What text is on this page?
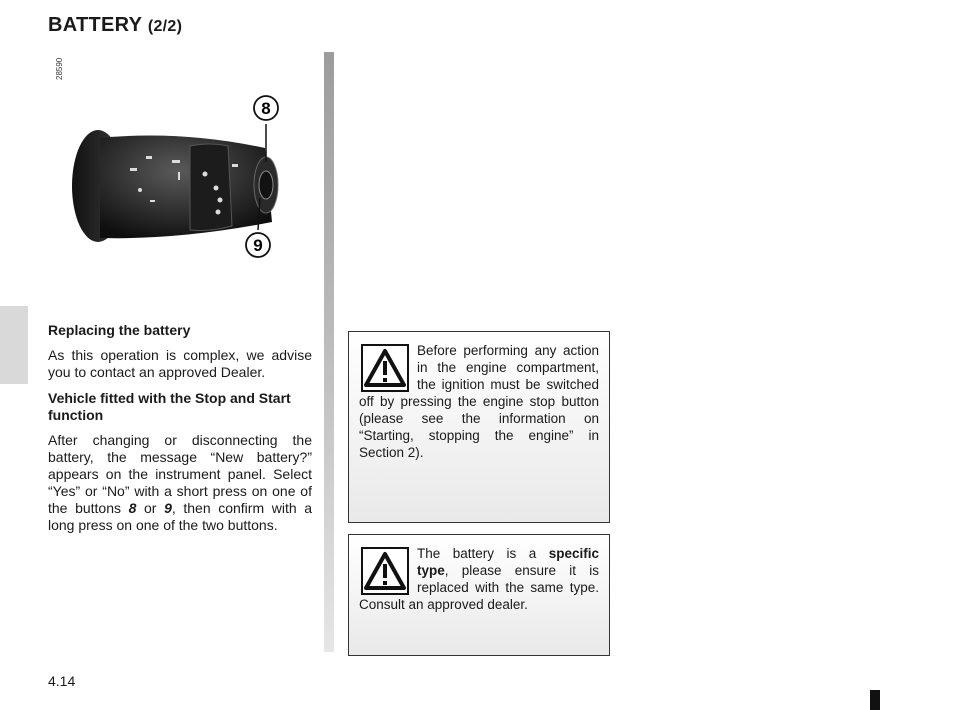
BATTERY (2/2)
28590
8
9
Replacing the battery

As this operation is complex, we advise you to contact an approved Dealer.

Vehicle fitted with the Stop and Start function

After changing or disconnecting the battery, the message “New battery?” appears on the instrument panel. Select “Yes” or “No” with a short press on one of the buttons 8 or 9, then confirm with a long press on one of the two buttons.

Before performing any action in the engine compartment, the ignition must be switched off by pressing the engine stop button (please see the information on “Starting, stopping the engine” in Section 2).

The battery is a specific type, please ensure it is replaced with the same type. Consult an approved dealer.

4.14
